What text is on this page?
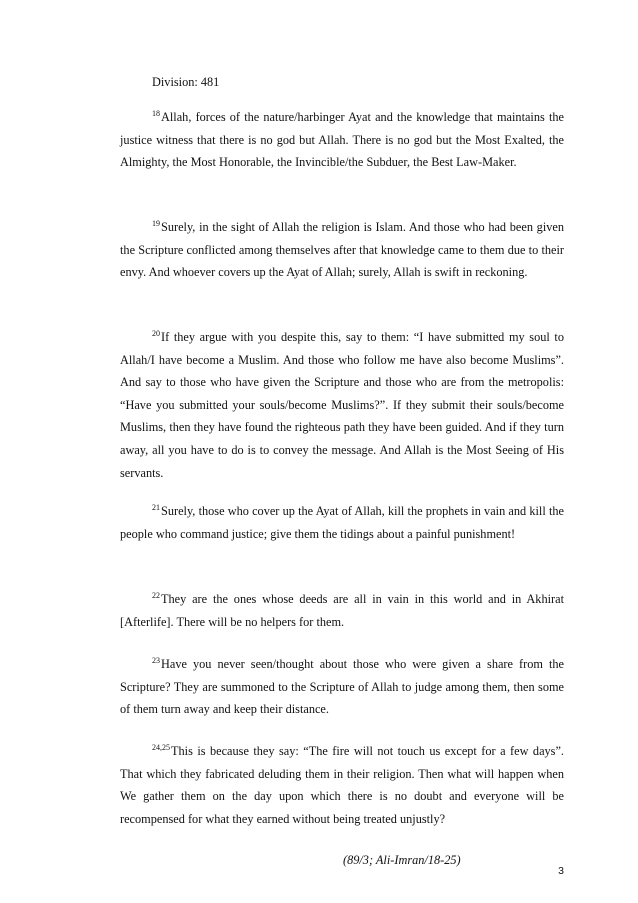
Division: 481

$^{18}$Allah, forces of the nature/harbinger Ayat and the knowledge that maintains the justice witness that there is no god but Allah. There is no god but the Most Exalted, the Almighty, the Most Honorable, the Invincible/the Subduer, the Best Law-Maker.

$^{19}$Surely, in the sight of Allah the religion is Islam. And those who had been given the Scripture conflicted among themselves after that knowledge came to them due to their envy. And whoever covers up the Ayat of Allah; surely, Allah is swift in reckoning.

$^{20}$If they argue with you despite this, say to them: “I have submitted my soul to Allah/I have become a Muslim. And those who follow me have also become Muslims”. And say to those who have given the Scripture and those who are from the metropolis: “Have you submitted your souls/become Muslims?”. If they submit their souls/become Muslims, then they have found the righteous path they have been guided. And if they turn away, all you have to do is to convey the message. And Allah is the Most Seeing of His servants.

$^{21}$Surely, those who cover up the Ayat of Allah, kill the prophets in vain and kill the people who command justice; give them the tidings about a painful punishment!

$^{22}$They are the ones whose deeds are all in vain in this world and in Akhirat [Afterlife]. There will be no helpers for them.

$^{23}$Have you never seen/thought about those who were given a share from the Scripture? They are summoned to the Scripture of Allah to judge among them, then some of them turn away and keep their distance.

$^{24,25}$This is because they say: “The fire will not touch us except for a few days”. That which they fabricated deluding them in their religion. Then what will happen when We gather them on the day upon which there is no doubt and everyone will be recompensed for what they earned without being treated unjustly?

(89/3; Ali-Imran/18-25)

3
